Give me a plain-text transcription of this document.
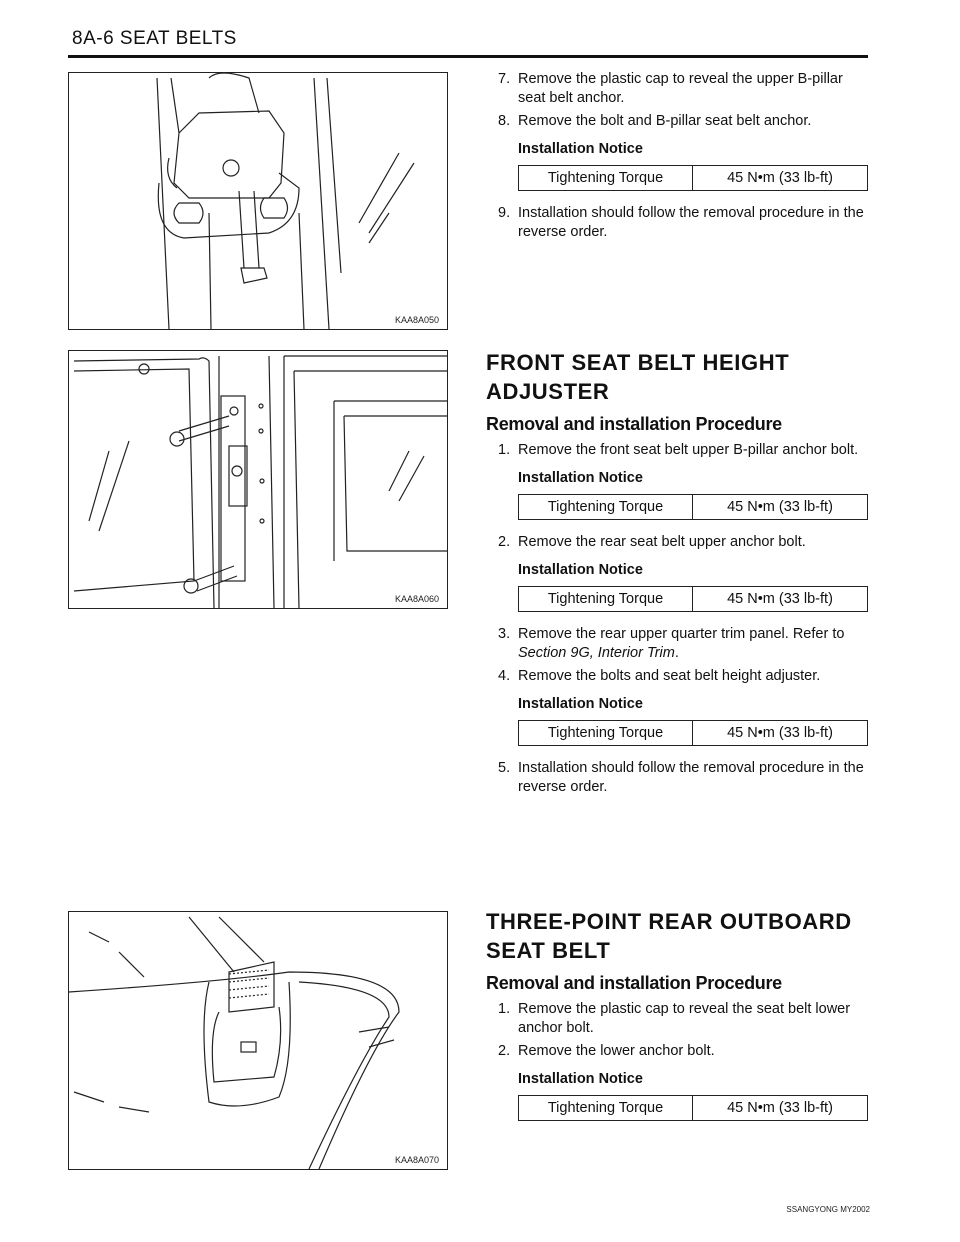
8A-6 SEAT BELTS
KAA8A050
KAA8A060
KAA8A070

7. Remove the plastic cap to reveal the upper B-pillar seat belt anchor.

8. Remove the bolt and B-pillar seat belt anchor.

Installation Notice
Tightening Torque	45 N•m (33 lb-ft)

9. Installation should follow the removal procedure in the reverse order.

FRONT SEAT BELT HEIGHT ADJUSTER
Removal and installation Procedure

1. Remove the front seat belt upper B-pillar anchor bolt.

Installation Notice
Tightening Torque	45 N•m (33 lb-ft)

2. Remove the rear seat belt upper anchor bolt.

Installation Notice
Tightening Torque	45 N•m (33 lb-ft)

3. Remove the rear upper quarter trim panel. Refer to Section 9G, Interior Trim.

4. Remove the bolts and seat belt height adjuster.

Installation Notice
Tightening Torque	45 N•m (33 lb-ft)

5. Installation should follow the removal procedure in the reverse order.

THREE-POINT REAR OUTBOARD SEAT BELT
Removal and installation Procedure

1. Remove the plastic cap to reveal the seat belt lower anchor bolt.

2. Remove the lower anchor bolt.

Installation Notice
Tightening Torque	45 N•m (33 lb-ft)
SSANGYONG MY2002
